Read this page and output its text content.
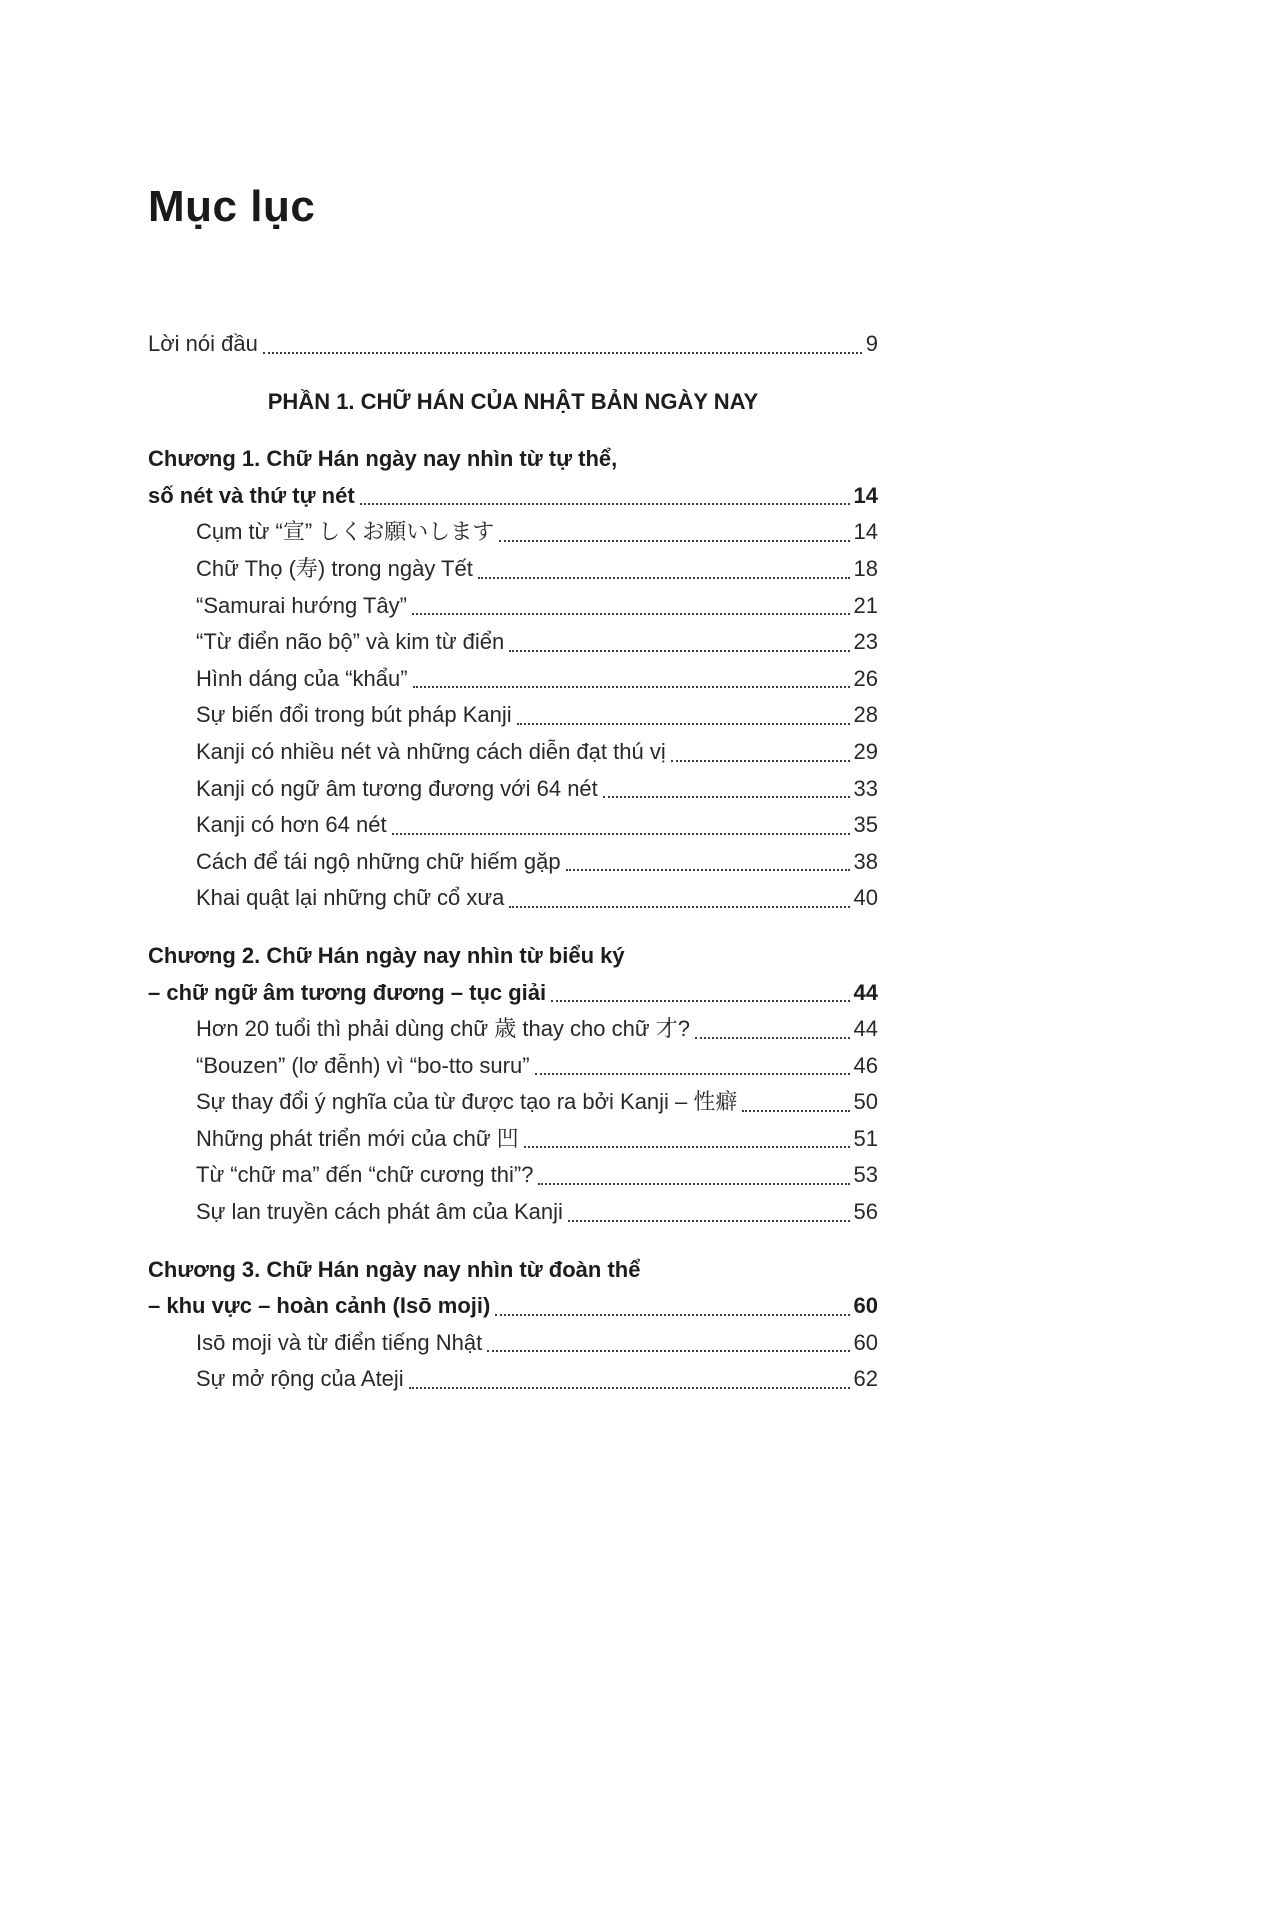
Mục lục
Lời nói đầu	9
PHẦN 1. CHỮ HÁN CỦA NHẬT BẢN NGÀY NAY
Chương 1. Chữ Hán ngày nay nhìn từ tự thể,
số nét và thứ tự nét	14
Cụm từ “宣” しくお願いします	14
Chữ Thọ (寿) trong ngày Tết	18
“Samurai hướng Tây”	21
“Từ điển não bộ” và kim từ điển	23
Hình dáng của “khẩu”	26
Sự biến đổi trong bút pháp Kanji	28
Kanji có nhiều nét và những cách diễn đạt thú vị	29
Kanji có ngữ âm tương đương với 64 nét	33
Kanji có hơn 64 nét	35
Cách để tái ngộ những chữ hiếm gặp	38
Khai quật lại những chữ cổ xưa	40
Chương 2. Chữ Hán ngày nay nhìn từ biểu ký
– chữ ngữ âm tương đương – tục giải	44
Hơn 20 tuổi thì phải dùng chữ 歳 thay cho chữ 才?	44
“Bouzen” (lơ đễnh) vì “bo-tto suru”	46
Sự thay đổi ý nghĩa của từ được tạo ra bởi Kanji – 性癖	50
Những phát triển mới của chữ 凹	51
Từ “chữ ma” đến “chữ cương thi”?	53
Sự lan truyền cách phát âm của Kanji	56
Chương 3. Chữ Hán ngày nay nhìn từ đoàn thể
– khu vực – hoàn cảnh (Isō moji)	60
Isō moji và từ điển tiếng Nhật	60
Sự mở rộng của Ateji	62
